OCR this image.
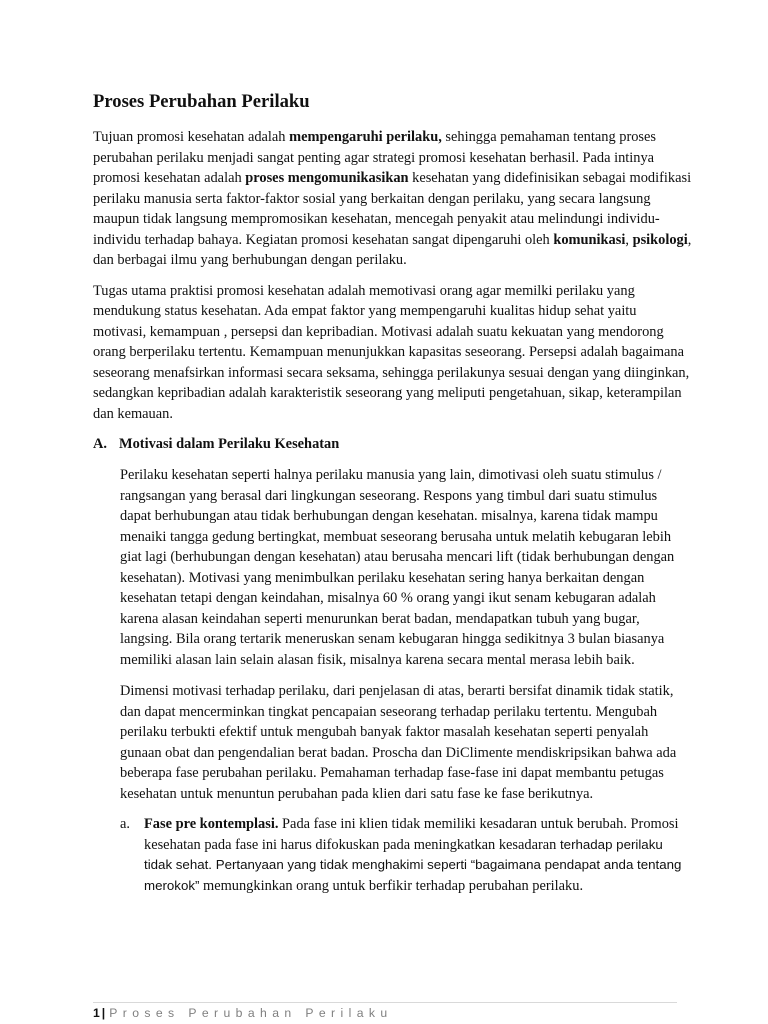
Proses Perubahan Perilaku

Tujuan promosi kesehatan adalah mempengaruhi perilaku, sehingga pemahaman tentang proses perubahan perilaku menjadi sangat penting agar strategi promosi kesehatan berhasil. Pada intinya promosi kesehatan adalah proses mengomunikasikan kesehatan yang didefinisikan sebagai modifikasi perilaku manusia serta faktor-faktor sosial yang berkaitan dengan perilaku, yang secara langsung maupun tidak langsung mempromosikan kesehatan, mencegah penyakit atau melindungi individu-individu terhadap bahaya. Kegiatan promosi kesehatan sangat dipengaruhi oleh komunikasi, psikologi, dan berbagai ilmu yang berhubungan dengan perilaku.

Tugas utama praktisi promosi kesehatan adalah memotivasi orang agar memilki perilaku yang mendukung status kesehatan. Ada empat faktor yang mempengaruhi kualitas hidup sehat yaitu motivasi, kemampuan , persepsi dan kepribadian. Motivasi adalah suatu kekuatan yang mendorong orang berperilaku tertentu. Kemampuan menunjukkan kapasitas seseorang. Persepsi adalah bagaimana seseorang menafsirkan informasi secara seksama, sehingga perilakunya sesuai dengan yang diinginkan, sedangkan kepribadian adalah karakteristik seseorang yang meliputi pengetahuan, sikap, keterampilan dan kemauan.

A. Motivasi dalam Perilaku Kesehatan

Perilaku kesehatan seperti halnya perilaku manusia yang lain, dimotivasi oleh suatu stimulus / rangsangan yang berasal dari lingkungan seseorang. Respons yang timbul dari suatu stimulus dapat berhubungan atau tidak berhubungan dengan kesehatan. misalnya, karena tidak mampu menaiki tangga gedung bertingkat, membuat seseorang berusaha untuk melatih kebugaran lebih giat lagi (berhubungan dengan kesehatan) atau berusaha mencari lift (tidak berhubungan dengan kesehatan). Motivasi yang menimbulkan perilaku kesehatan sering hanya berkaitan dengan kesehatan tetapi dengan keindahan, misalnya 60 % orang yangi ikut senam kebugaran adalah karena alasan keindahan seperti menurunkan berat badan, mendapatkan tubuh yang bugar, langsing. Bila orang tertarik meneruskan senam kebugaran hingga sedikitnya 3 bulan biasanya memiliki alasan lain selain alasan fisik, misalnya karena secara mental merasa lebih baik.

Dimensi motivasi terhadap perilaku, dari penjelasan di atas, berarti bersifat dinamik tidak statik, dan dapat mencerminkan tingkat pencapaian seseorang terhadap perilaku tertentu. Mengubah perilaku terbukti efektif untuk mengubah banyak faktor masalah kesehatan seperti penyalah gunaan obat dan pengendalian berat badan. Proscha dan DiClimente mendiskripsikan bahwa ada beberapa fase perubahan perilaku. Pemahaman terhadap fase-fase ini dapat membantu petugas kesehatan untuk menuntun perubahan pada klien dari satu fase ke fase berikutnya.

a. Fase pre kontemplasi. Pada fase ini klien tidak memiliki kesadaran untuk berubah. Promosi kesehatan pada fase ini harus difokuskan pada meningkatkan kesadaran terhadap perilaku tidak sehat. Pertanyaan yang tidak menghakimi seperti “bagaimana pendapat anda tentang merokok” memungkinkan orang untuk berfikir terhadap perubahan perilaku.
1 | Proses Perubahan Perilaku
